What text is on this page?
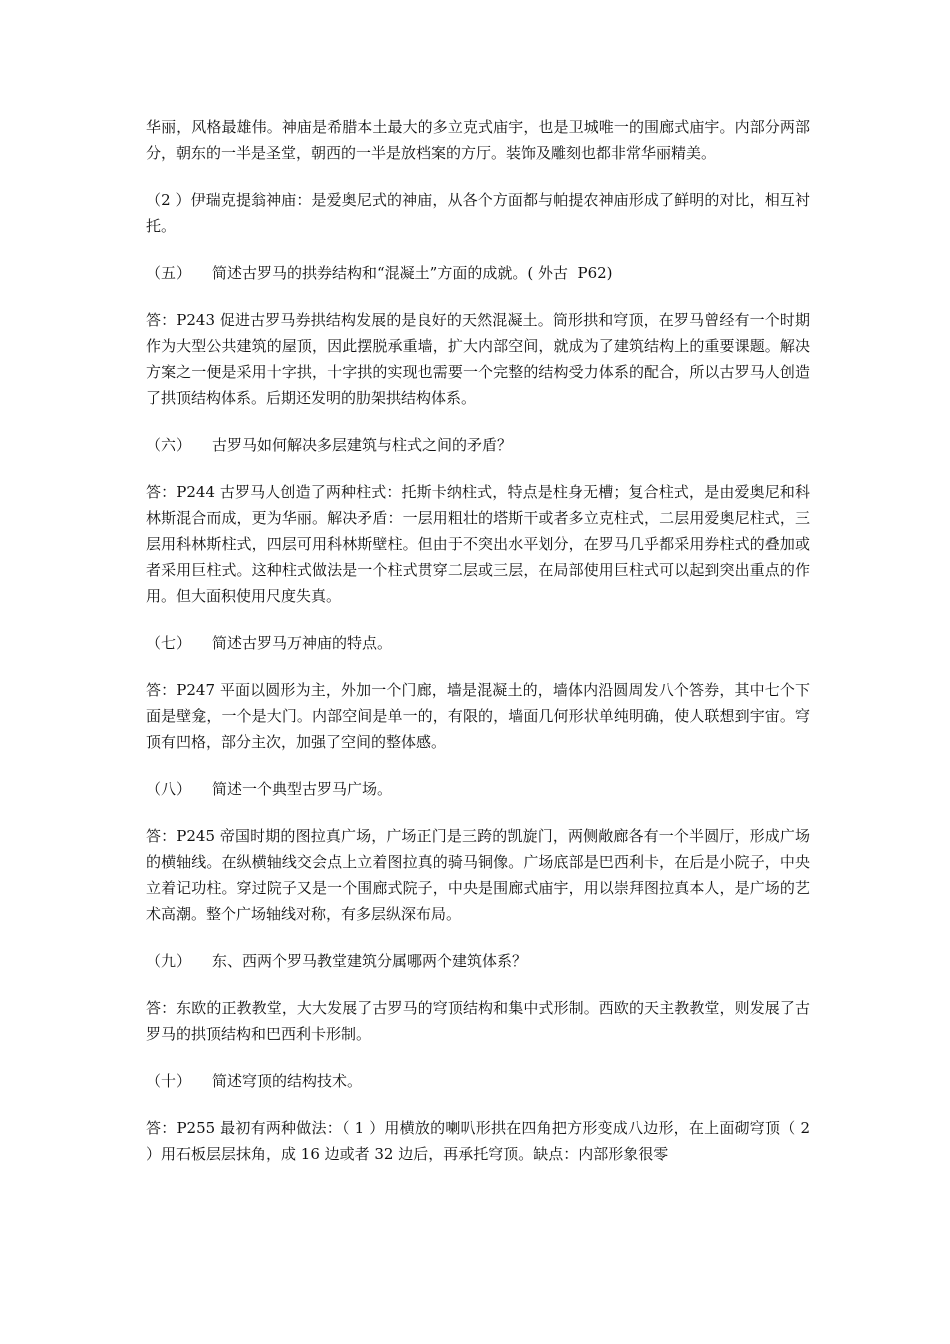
华丽，风格最雄伟。神庙是希腊本土最大的多立克式庙宇，也是卫城唯一的围廊式庙宇。内部分两部分，朝东的一半是圣堂，朝西的一半是放档案的方厅。装饰及雕刻也都非常华丽精美。

（2 ）伊瑞克提翁神庙：是爱奥尼式的神庙，从各个方面都与帕提农神庙形成了鲜明的对比，相互衬托。

（五） 简述古罗马的拱券结构和“混凝土”方面的成就。( 外古  P62)

答：P243 促进古罗马券拱结构发展的是良好的天然混凝土。筒形拱和穹顶，在罗马曾经有一个时期作为大型公共建筑的屋顶，因此摆脱承重墙，扩大内部空间，就成为了建筑结构上的重要课题。解决方案之一便是采用十字拱，十字拱的实现也需要一个完整的结构受力体系的配合，所以古罗马人创造了拱顶结构体系。后期还发明的肋架拱结构体系。

（六） 古罗马如何解决多层建筑与柱式之间的矛盾？

答：P244 古罗马人创造了两种柱式：托斯卡纳柱式，特点是柱身无槽；复合柱式，是由爱奥尼和科林斯混合而成，更为华丽。解决矛盾：一层用粗壮的塔斯干或者多立克柱式，二层用爱奥尼柱式，三层用科林斯柱式，四层可用科林斯壁柱。但由于不突出水平划分，在罗马几乎都采用券柱式的叠加或者采用巨柱式。这种柱式做法是一个柱式贯穿二层或三层，在局部使用巨柱式可以起到突出重点的作用。但大面积使用尺度失真。

（七） 简述古罗马万神庙的特点。

答：P247 平面以圆形为主，外加一个门廊，墙是混凝土的，墙体内沿圆周发八个答券，其中七个下面是壁龛，一个是大门。内部空间是单一的，有限的，墙面几何形状单纯明确，使人联想到宇宙。穹顶有凹格，部分主次，加强了空间的整体感。

（八） 简述一个典型古罗马广场。

答：P245 帝国时期的图拉真广场，广场正门是三跨的凯旋门，两侧敞廊各有一个半圆厅，形成广场的横轴线。在纵横轴线交会点上立着图拉真的骑马铜像。广场底部是巴西利卡，在后是小院子，中央立着记功柱。穿过院子又是一个围廊式院子，中央是围廊式庙宇，用以崇拜图拉真本人，是广场的艺术高潮。整个广场轴线对称，有多层纵深布局。

（九） 东、西两个罗马教堂建筑分属哪两个建筑体系？

答：东欧的正教教堂，大大发展了古罗马的穹顶结构和集中式形制。西欧的天主教教堂，则发展了古罗马的拱顶结构和巴西利卡形制。

（十） 简述穹顶的结构技术。

答：P255 最初有两种做法：（ 1 ）用横放的喇叭形拱在四角把方形变成八边形，在上面砌穹顶（ 2 ）用石板层层抹角，成 16 边或者 32 边后，再承托穹顶。缺点：内部形象很零
